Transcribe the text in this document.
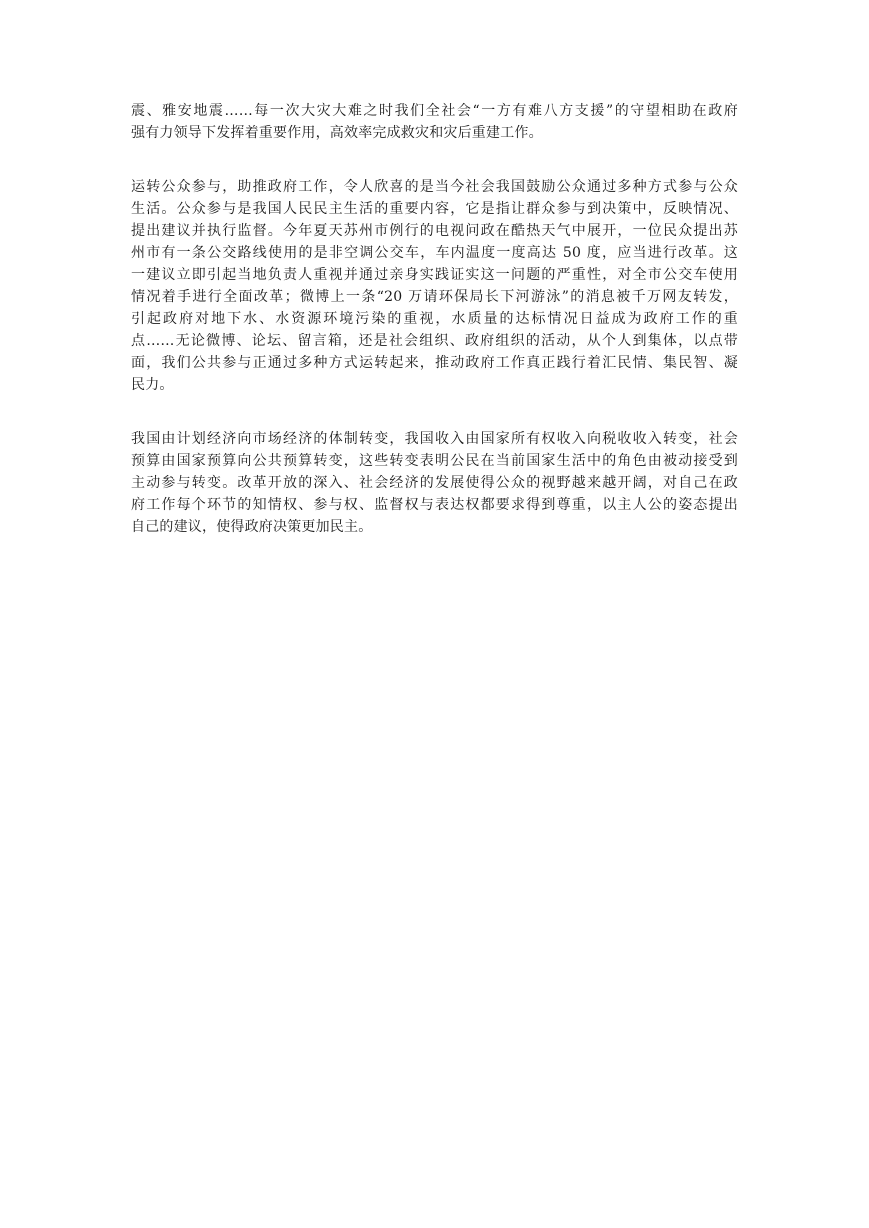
震、雅安地震……每一次大灾大难之时我们全社会“一方有难八方支援”的守望相助在政府
强有力领导下发挥着重要作用，高效率完成救灾和灾后重建工作。
运转公众参与，助推政府工作，令人欣喜的是当今社会我国鼓励公众通过多种方式参与公众
生活。公众参与是我国人民民主生活的重要内容，它是指让群众参与到决策中，反映情况、
提出建议并执行监督。今年夏天苏州市例行的电视问政在酷热天气中展开，一位民众提出苏
州市有一条公交路线使用的是非空调公交车，车内温度一度高达 50 度，应当进行改革。这
一建议立即引起当地负责人重视并通过亲身实践证实这一问题的严重性，对全市公交车使用
情况着手进行全面改革；微博上一条“20 万请环保局长下河游泳”的消息被千万网友转发，
引起政府对地下水、水资源环境污染的重视，水质量的达标情况日益成为政府工作的重
点……无论微博、论坛、留言箱，还是社会组织、政府组织的活动，从个人到集体，以点带
面，我们公共参与正通过多种方式运转起来，推动政府工作真正践行着汇民情、集民智、凝
民力。
我国由计划经济向市场经济的体制转变，我国收入由国家所有权收入向税收收入转变，社会
预算由国家预算向公共预算转变，这些转变表明公民在当前国家生活中的角色由被动接受到
主动参与转变。改革开放的深入、社会经济的发展使得公众的视野越来越开阔，对自己在政
府工作每个环节的知情权、参与权、监督权与表达权都要求得到尊重，以主人公的姿态提出
自己的建议，使得政府决策更加民主。
